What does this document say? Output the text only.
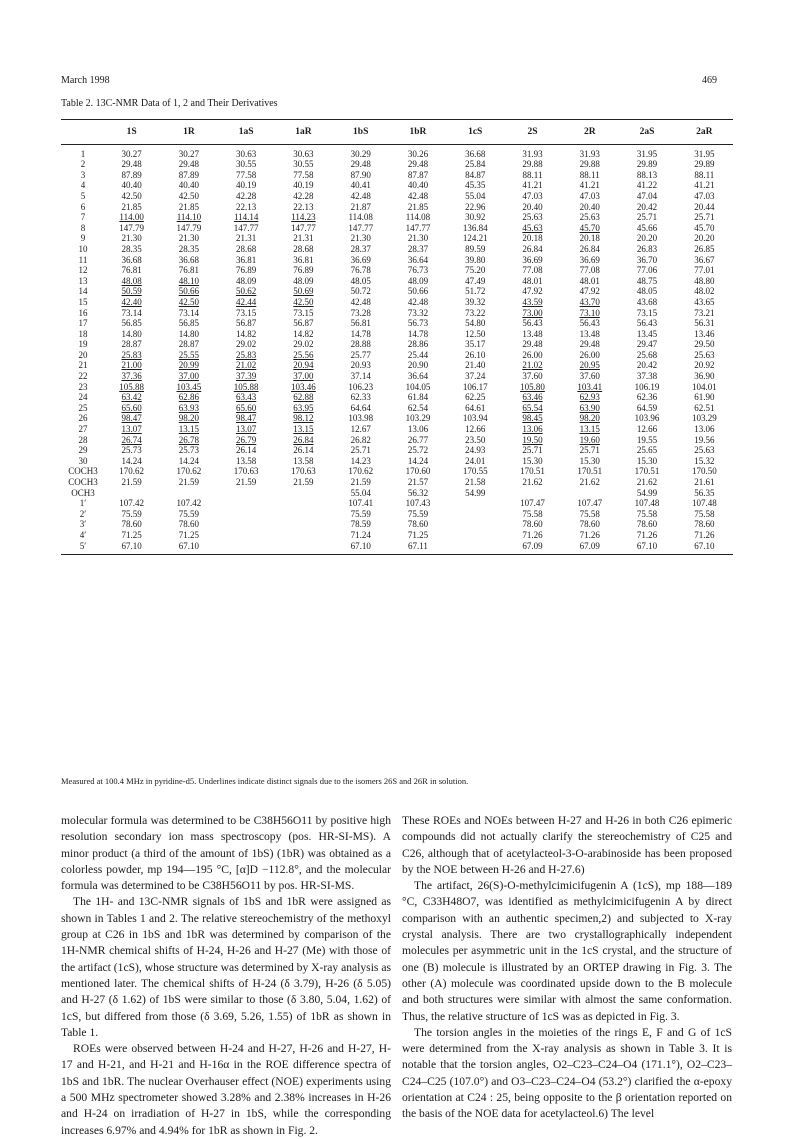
March 1998	469
Table 2. 13C-NMR Data of 1, 2 and Their Derivatives
	1S	1R	1aS	1aR	1bS	1bR	1cS	2S	2R	2aS	2aR
1	30.27	30.27	30.63	30.63	30.29	30.26	36.68	31.93	31.93	31.95	31.95
2	29.48	29.48	30.55	30.55	29.48	29.48	25.84	29.88	29.88	29.89	29.89
3	87.89	87.89	77.58	77.58	87.90	87.87	84.87	88.11	88.11	88.13	88.11
4	40.40	40.40	40.19	40.19	40.41	40.40	45.35	41.21	41.21	41.22	41.21
5	42.50	42.50	42.28	42.28	42.48	42.48	55.04	47.03	47.03	47.04	47.03
6	21.85	21.85	22.13	22.13	21.87	21.85	22.96	20.40	20.40	20.42	20.44
7	114.00	114.10	114.14	114.23	114.08	114.08	30.92	25.63	25.63	25.71	25.71
8	147.79	147.79	147.77	147.77	147.77	147.77	136.84	45.63	45.70	45.66	45.70
9	21.30	21.30	21.31	21.31	21.30	21.30	124.21	20.18	20.18	20.20	20.20
10	28.35	28.35	28.68	28.68	28.37	28.37	89.59	26.84	26.84	26.83	26.85
11	36.68	36.68	36.81	36.81	36.69	36.64	39.80	36.69	36.69	36.70	36.67
12	76.81	76.81	76.89	76.89	76.78	76.73	75.20	77.08	77.08	77.06	77.01
13	48.08	48.10	48.09	48.09	48.05	48.09	47.49	48.01	48.01	48.75	48.80
14	50.59	50.66	50.62	50.69	50.72	50.66	51.72	47.92	47.92	48.05	48.02
15	42.40	42.50	42.44	42.50	42.48	42.48	39.32	43.59	43.70	43.68	43.65
16	73.14	73.14	73.15	73.15	73.28	73.32	73.22	73.00	73.10	73.15	73.21
17	56.85	56.85	56.87	56.87	56.81	56.73	54.80	56.43	56.43	56.43	56.31
18	14.80	14.80	14.82	14.82	14.78	14.78	12.50	13.48	13.48	13.45	13.46
19	28.87	28.87	29.02	29.02	28.88	28.86	35.17	29.48	29.48	29.47	29.50
20	25.83	25.55	25.83	25.56	25.77	25.44	26.10	26.00	26.00	25.68	25.63
21	21.00	20.99	21.02	20.94	20.93	20.90	21.40	21.02	20.95	20.42	20.92
22	37.36	37.00	37.39	37.00	37.14	36.64	37.24	37.60	37.60	37.38	36.90
23	105.88	103.45	105.88	103.46	106.23	104.05	106.17	105.80	103.41	106.19	104.01
24	63.42	62.86	63.43	62.88	62.33	61.84	62.25	63.46	62.93	62.36	61.90
25	65.60	63.93	65.60	63.95	64.64	62.54	64.61	65.54	63.90	64.59	62.51
26	98.47	98.20	98.47	98.12	103.98	103.29	103.94	98.45	98.20	103.96	103.29
27	13.07	13.15	13.07	13.15	12.67	13.06	12.66	13.06	13.15	12.66	13.06
28	26.74	26.78	26.79	26.84	26.82	26.77	23.50	19.50	19.60	19.55	19.56
29	25.73	25.73	26.14	26.14	25.71	25.72	24.93	25.71	25.71	25.65	25.63
30	14.24	14.24	13.58	13.58	14.23	14.24	24.01	15.30	15.30	15.30	15.32
COCH3	170.62	170.62	170.63	170.63	170.62	170.60	170.55	170.51	170.51	170.51	170.50
COCH3	21.59	21.59	21.59	21.59	21.59	21.57	21.58	21.62	21.62	21.62	21.61
OCH3					55.04	56.32	54.99			54.99	56.35
1′	107.42	107.42			107.41	107.43		107.47	107.47	107.48	107.48
2′	75.59	75.59			75.59	75.59		75.58	75.58	75.58	75.58
3′	78.60	78.60			78.59	78.60		78.60	78.60	78.60	78.60
4′	71.25	71.25			71.24	71.25		71.26	71.26	71.26	71.26
5′	67.10	67.10			67.10	67.11		67.09	67.09	67.10	67.10

Measured at 100.4 MHz in pyridine-d5. Underlines indicate distinct signals due to the isomers 26S and 26R in solution.

molecular formula was determined to be C38H56O11 by positive high resolution secondary ion mass spectroscopy (pos. HR-SI-MS). A minor product (a third of the amount of 1bS) (1bR) was obtained as a colorless powder, mp 194—195 °C, [α]D −112.8°, and the molecular formula was determined to be C38H56O11 by pos. HR-SI-MS.

The 1H- and 13C-NMR signals of 1bS and 1bR were assigned as shown in Tables 1 and 2. The relative stereochemistry of the methoxyl group at C26 in 1bS and 1bR was determined by comparison of the 1H-NMR chemical shifts of H-24, H-26 and H-27 (Me) with those of the artifact (1cS), whose structure was determined by X-ray analysis as mentioned later. The chemical shifts of H-24 (δ 3.79), H-26 (δ 5.05) and H-27 (δ 1.62) of 1bS were similar to those (δ 3.80, 5.04, 1.62) of 1cS, but differed from those (δ 3.69, 5.26, 1.55) of 1bR as shown in Table 1.

ROEs were observed between H-24 and H-27, H-26 and H-27, H-17 and H-21, and H-21 and H-16α in the ROE difference spectra of 1bS and 1bR. The nuclear Overhauser effect (NOE) experiments using a 500 MHz spectrometer showed 3.28% and 2.38% increases in H-26 and H-24 on irradiation of H-27 in 1bS, while the corresponding increases 6.97% and 4.94% for 1bR as shown in Fig. 2.

These ROEs and NOEs between H-27 and H-26 in both C26 epimeric compounds did not actually clarify the stereochemistry of C25 and C26, although that of acetylacteol-3-O-arabinoside has been proposed by the NOE between H-26 and H-27.6)

The artifact, 26(S)-O-methylcimicifugenin A (1cS), mp 188—189 °C, C33H48O7, was identified as methylcimicifugenin A by direct comparison with an authentic specimen,2) and subjected to X-ray crystal analysis. There are two crystallographically independent molecules per asymmetric unit in the 1cS crystal, and the structure of one (B) molecule is illustrated by an ORTEP drawing in Fig. 3. The other (A) molecule was coordinated upside down to the B molecule and both structures were similar with almost the same conformation. Thus, the relative structure of 1cS was as depicted in Fig. 3.

The torsion angles in the moieties of the rings E, F and G of 1cS were determined from the X-ray analysis as shown in Table 3. It is notable that the torsion angles, O2–C23–C24–O4 (171.1°), O2–C23–C24–C25 (107.0°) and O3–C23–C24–O4 (53.2°) clarified the α-epoxy orientation at C24 : 25, being opposite to the β orientation reported on the basis of the NOE data for acetylacteol.6) The level
